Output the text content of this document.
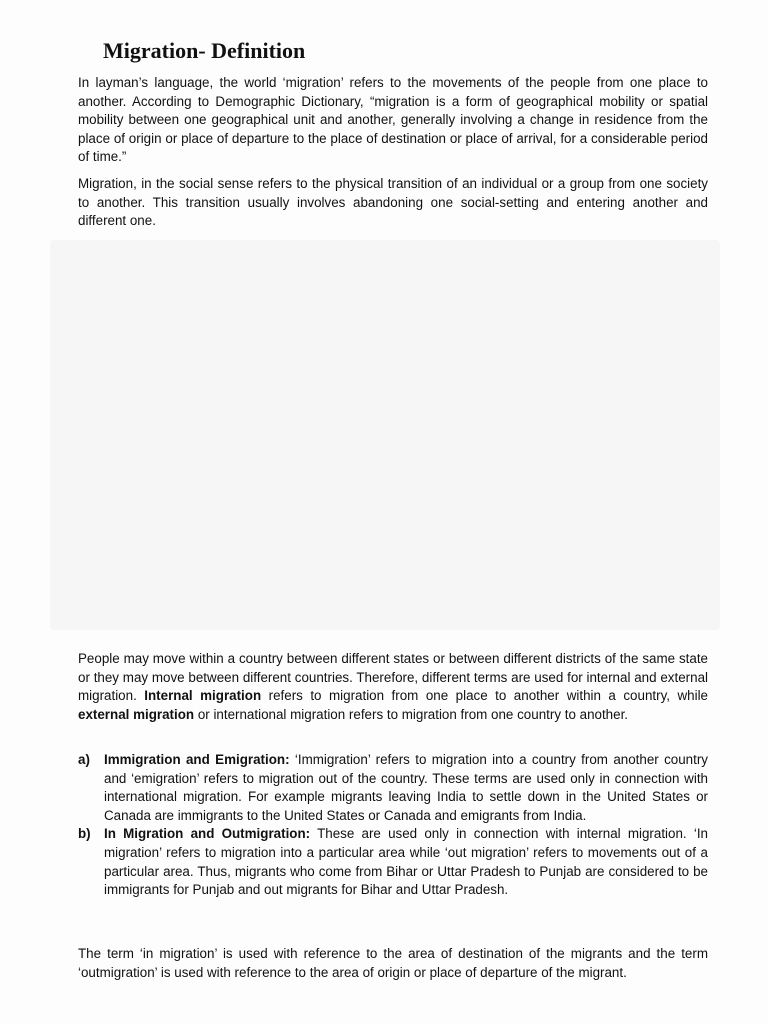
Migration- Definition

In layman’s language, the world ‘migration’ refers to the movements of the people from one place to another. According to Demographic Dictionary, “migration is a form of geographical mobility or spatial mobility between one geographical unit and another, generally involving a change in residence from the place of origin or place of departure to the place of destination or place of arrival, for a considerable period of time.”

Migration, in the social sense refers to the physical transition of an individual or a group from one society to another. This transition usually involves abandoning one social-setting and entering another and different one.

People may move within a country between different states or between different districts of the same state or they may move between different countries. Therefore, different terms are used for internal and external migration. Internal migration refers to migration from one place to another within a country, while external migration or international migration refers to migration from one country to another.

a) Immigration and Emigration: ‘Immigration’ refers to migration into a country from another country and ‘emigration’ refers to migration out of the country. These terms are used only in connection with international migration. For example migrants leaving India to settle down in the United States or Canada are immigrants to the United States or Canada and emigrants from India.
b) In Migration and Outmigration: These are used only in connection with internal migration. ‘In migration’ refers to migration into a particular area while ‘out migration’ refers to movements out of a particular area. Thus, migrants who come from Bihar or Uttar Pradesh to Punjab are considered to be immigrants for Punjab and out migrants for Bihar and Uttar Pradesh.

The term ‘in migration’ is used with reference to the area of destination of the migrants and the term ‘outmigration’ is used with reference to the area of origin or place of departure of the migrant.
